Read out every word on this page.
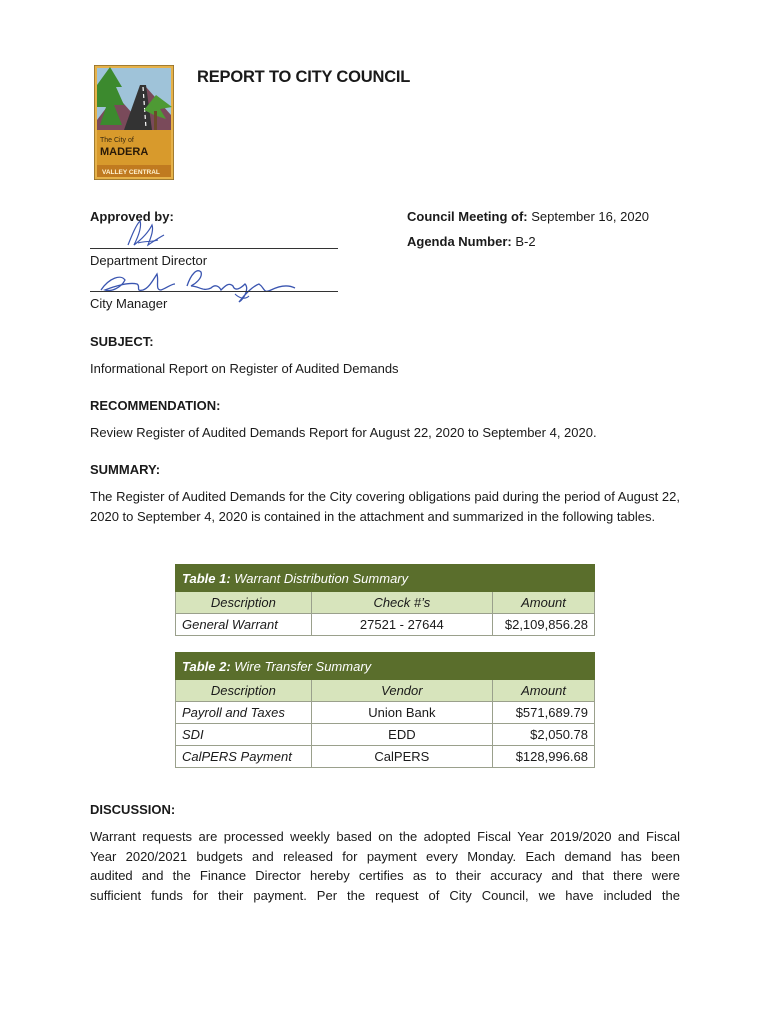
The City of
MADERA
VALLEY CENTRAL
REPORT TO CITY COUNCIL
Approved by:
Department Director
City Manager
Council Meeting of: September 16, 2020
Agenda Number: B-2
SUBJECT:
Informational Report on Register of Audited Demands
RECOMMENDATION:
Review Register of Audited Demands Report for August 22, 2020 to September 4, 2020.
SUMMARY:
The Register of Audited Demands for the City covering obligations paid during the period of August 22, 2020 to September 4, 2020 is contained in the attachment and summarized in the following tables.
Table 1: Warrant Distribution Summary		
Description	Check #’s	Amount
General Warrant	27521 - 27644	$2,109,856.28
Table 2: Wire Transfer Summary		
Description	Vendor	Amount
Payroll and Taxes	Union Bank	$571,689.79
SDI	EDD	$2,050.78
CalPERS Payment	CalPERS	$128,996.68
DISCUSSION:
Warrant requests are processed weekly based on the adopted Fiscal Year 2019/2020 and Fiscal
Year 2020/2021 budgets and released for payment every Monday. Each demand has been
audited and the Finance Director hereby certifies as to their accuracy and that there were
sufficient funds for their payment. Per the request of City Council, we have included the
